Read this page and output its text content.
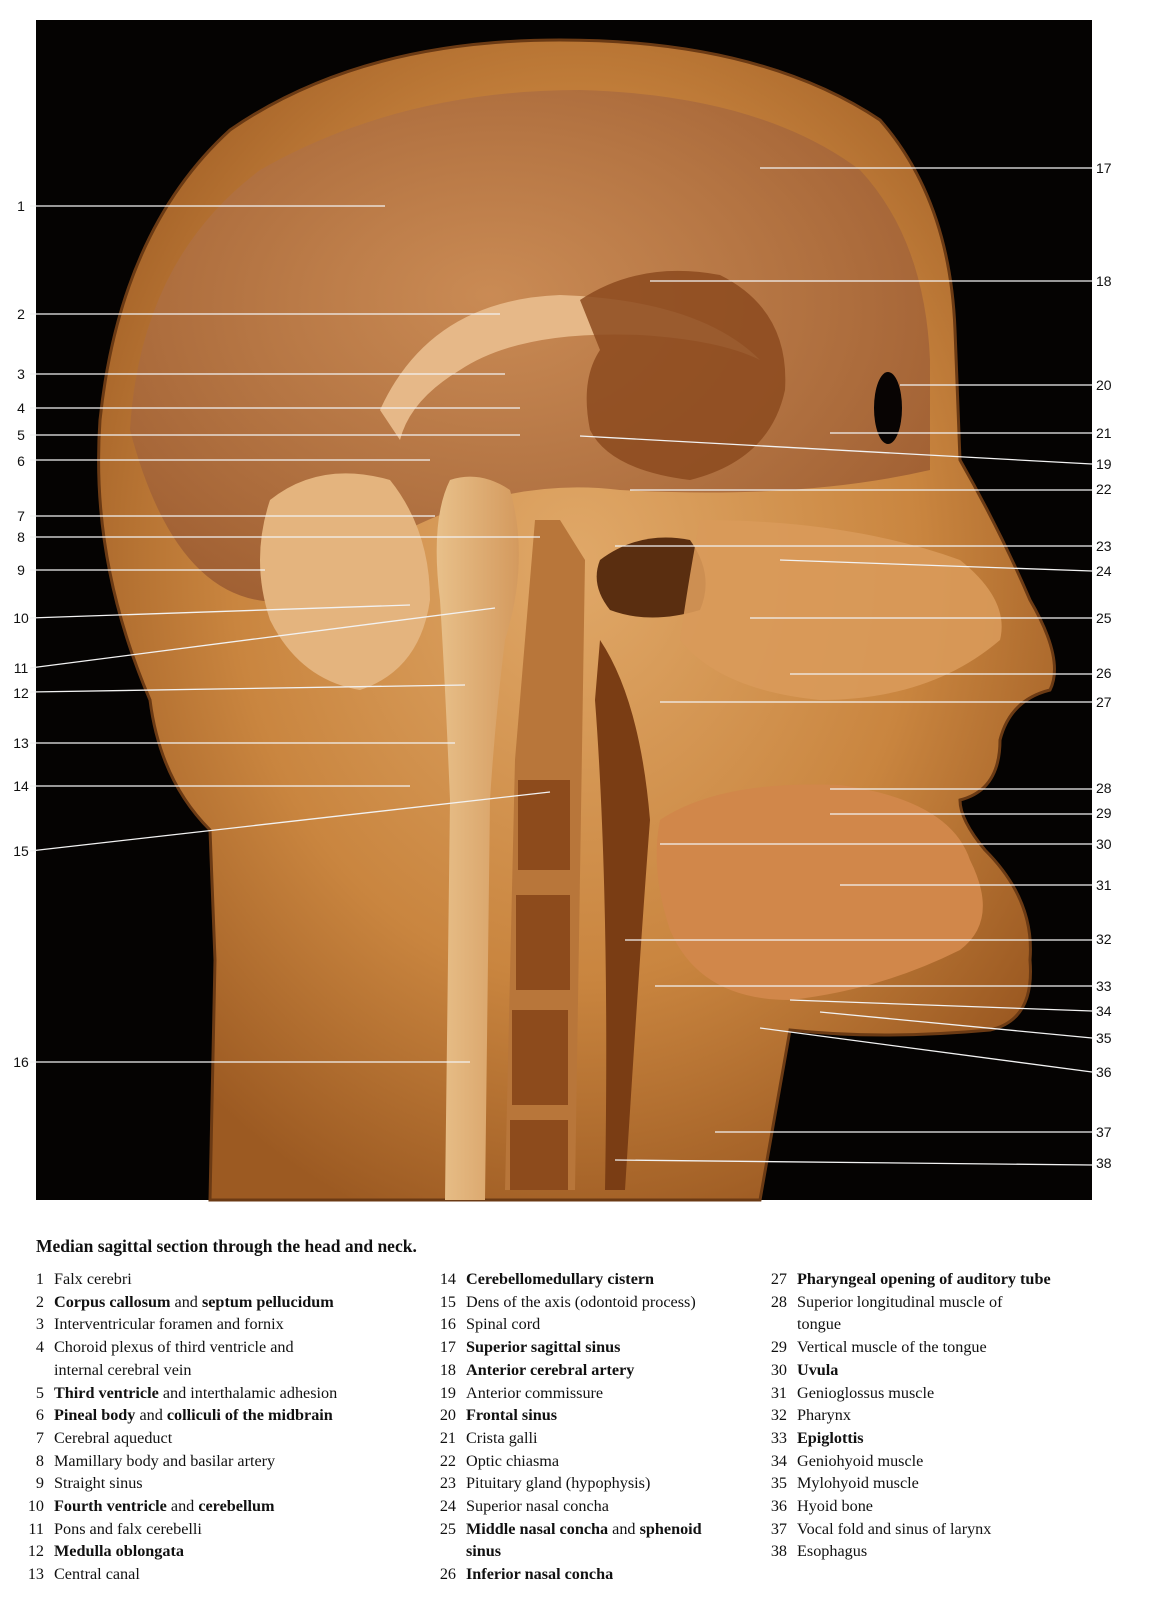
1
2
3
4
5
6
7
8
9
10
11
12
13
14
15
16
17
18
20
21
19
22
23
24
25
26
27
28
29
30
31
32
33
34
35
36
37
38
Median sagittal section through the head and neck.
1 Falx cerebri
2 Corpus callosum and septum pellucidum
3 Interventricular foramen and fornix
4 Choroid plexus of third ventricle and
internal cerebral vein
5 Third ventricle and interthalamic adhesion
6 Pineal body and colliculi of the midbrain
7 Cerebral aqueduct
8 Mamillary body and basilar artery
9 Straight sinus
10 Fourth ventricle and cerebellum
11 Pons and falx cerebelli
12 Medulla oblongata
13 Central canal
14 Cerebellomedullary cistern
15 Dens of the axis (odontoid process)
16 Spinal cord
17 Superior sagittal sinus
18 Anterior cerebral artery
19 Anterior commissure
20 Frontal sinus
21 Crista galli
22 Optic chiasma
23 Pituitary gland (hypophysis)
24 Superior nasal concha
25 Middle nasal concha and sphenoid
sinus
26 Inferior nasal concha
27 Pharyngeal opening of auditory tube
28 Superior longitudinal muscle of
tongue
29 Vertical muscle of the tongue
30 Uvula
31 Genioglossus muscle
32 Pharynx
33 Epiglottis
34 Geniohyoid muscle
35 Mylohyoid muscle
36 Hyoid bone
37 Vocal fold and sinus of larynx
38 Esophagus
